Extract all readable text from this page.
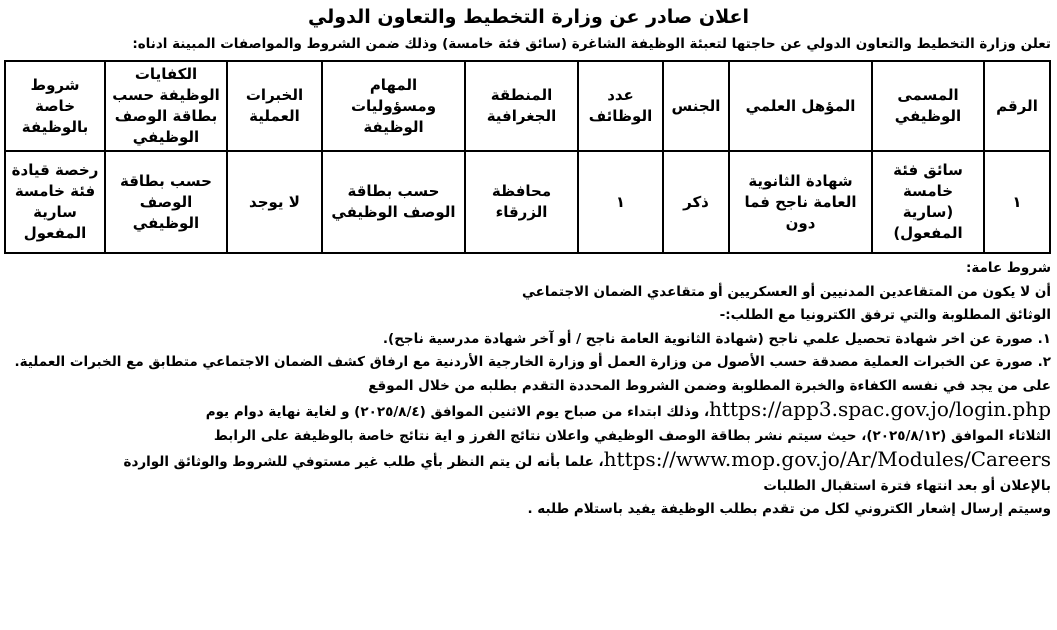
اعلان صادر عن وزارة التخطيط والتعاون الدولي
تعلن وزارة التخطيط والتعاون الدولي عن حاجتها لتعبئة الوظيفة الشاغرة (سائق فئة خامسة) وذلك ضمن الشروط والمواصفات المبينة ادناه:
الرقم	المسمى الوظيفي	المؤهل العلمي	الجنس	عدد الوظائف	المنطقة الجغرافية	المهام ومسؤوليات الوظيفة	الخبرات العملية	الكفايات الوظيفة حسب بطاقة الوصف الوظيفي	شروط خاصة بالوظيفة
١	سائق فئة خامسة (سارية المفعول)	شهادة الثانوية العامة ناجح فما دون	ذكر	١	محافظة الزرقاء	حسب بطاقة الوصف الوظيفي	لا يوجد	حسب بطاقة الوصف الوظيفي	رخصة قيادة فئة خامسة سارية المفعول

شروط عامة:

أن لا يكون من المتقاعدين المدنيين أو العسكريين أو متقاعدي الضمان الاجتماعي

الوثائق المطلوبة والتي ترفق الكترونيا مع الطلب:-

١. صورة عن اخر شهادة تحصيل علمي ناجح (شهادة الثانوية العامة ناجح / أو آخر شهادة مدرسية ناجح).

٢. صورة عن الخبرات العملية مصدقة حسب الأصول من وزارة العمل أو وزارة الخارجية الأردنية مع ارفاق كشف الضمان الاجتماعي متطابق مع الخبرات العملية.

على من يجد في نفسه الكفاءة والخبرة المطلوبة وضمن الشروط المحددة التقدم بطلبه من خلال الموقع

https://app3.spac.gov.jo/login.php، وذلك ابتداء من صباح يوم الاثنين الموافق (٢٠٢٥/٨/٤) و لغاية نهاية دوام يوم

الثلاثاء الموافق (٢٠٢٥/٨/١٢)، حيث سيتم نشر بطاقة الوصف الوظيفي واعلان نتائج الفرز و اية نتائج خاصة بالوظيفة على الرابط

https://www.mop.gov.jo/Ar/Modules/Careers، علما بأنه لن يتم النظر بأي طلب غير مستوفي للشروط والوثائق الواردة

بالإعلان أو بعد انتهاء فترة استقبال الطلبات

وسيتم إرسال إشعار الكتروني لكل من تقدم بطلب الوظيفة يفيد باستلام طلبه .
